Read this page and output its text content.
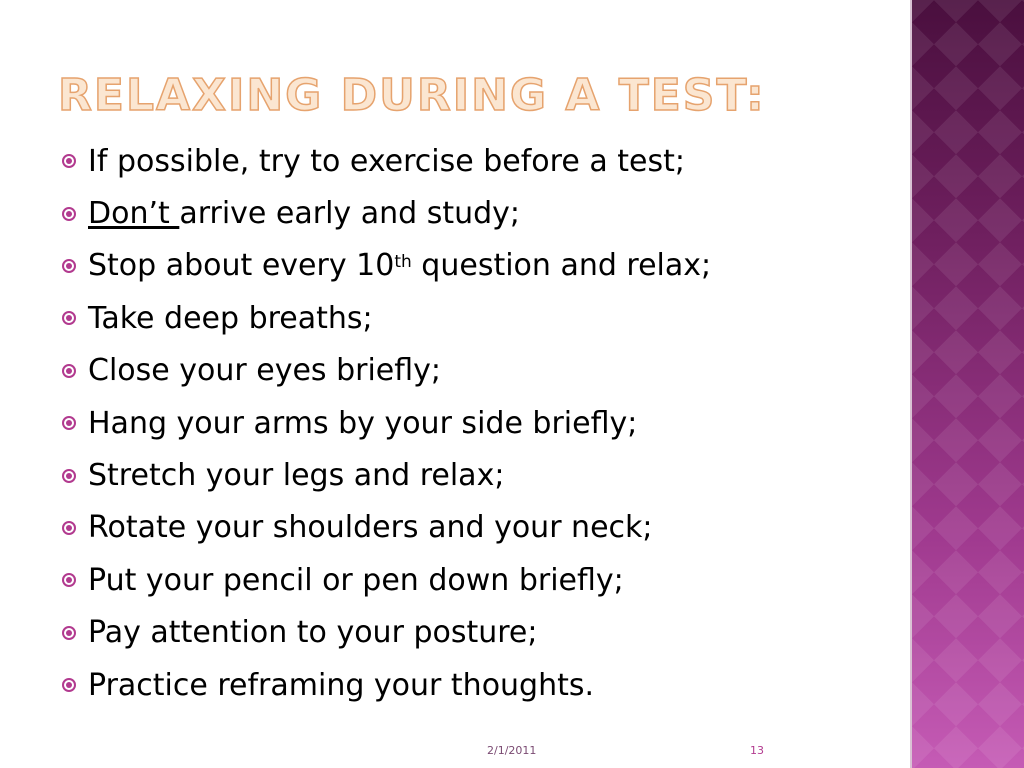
RELAXING DURING A TEST:
If possible, try to exercise before a test;
Don’t arrive early and study;
Stop about every 10th question and relax;
Take deep breaths;
Close your eyes briefly;
Hang your arms by your side briefly;
Stretch your legs and relax;
Rotate your shoulders and your neck;
Put your pencil or pen down briefly;
Pay attention to your posture;
Practice reframing your thoughts.
2/1/2011	13
